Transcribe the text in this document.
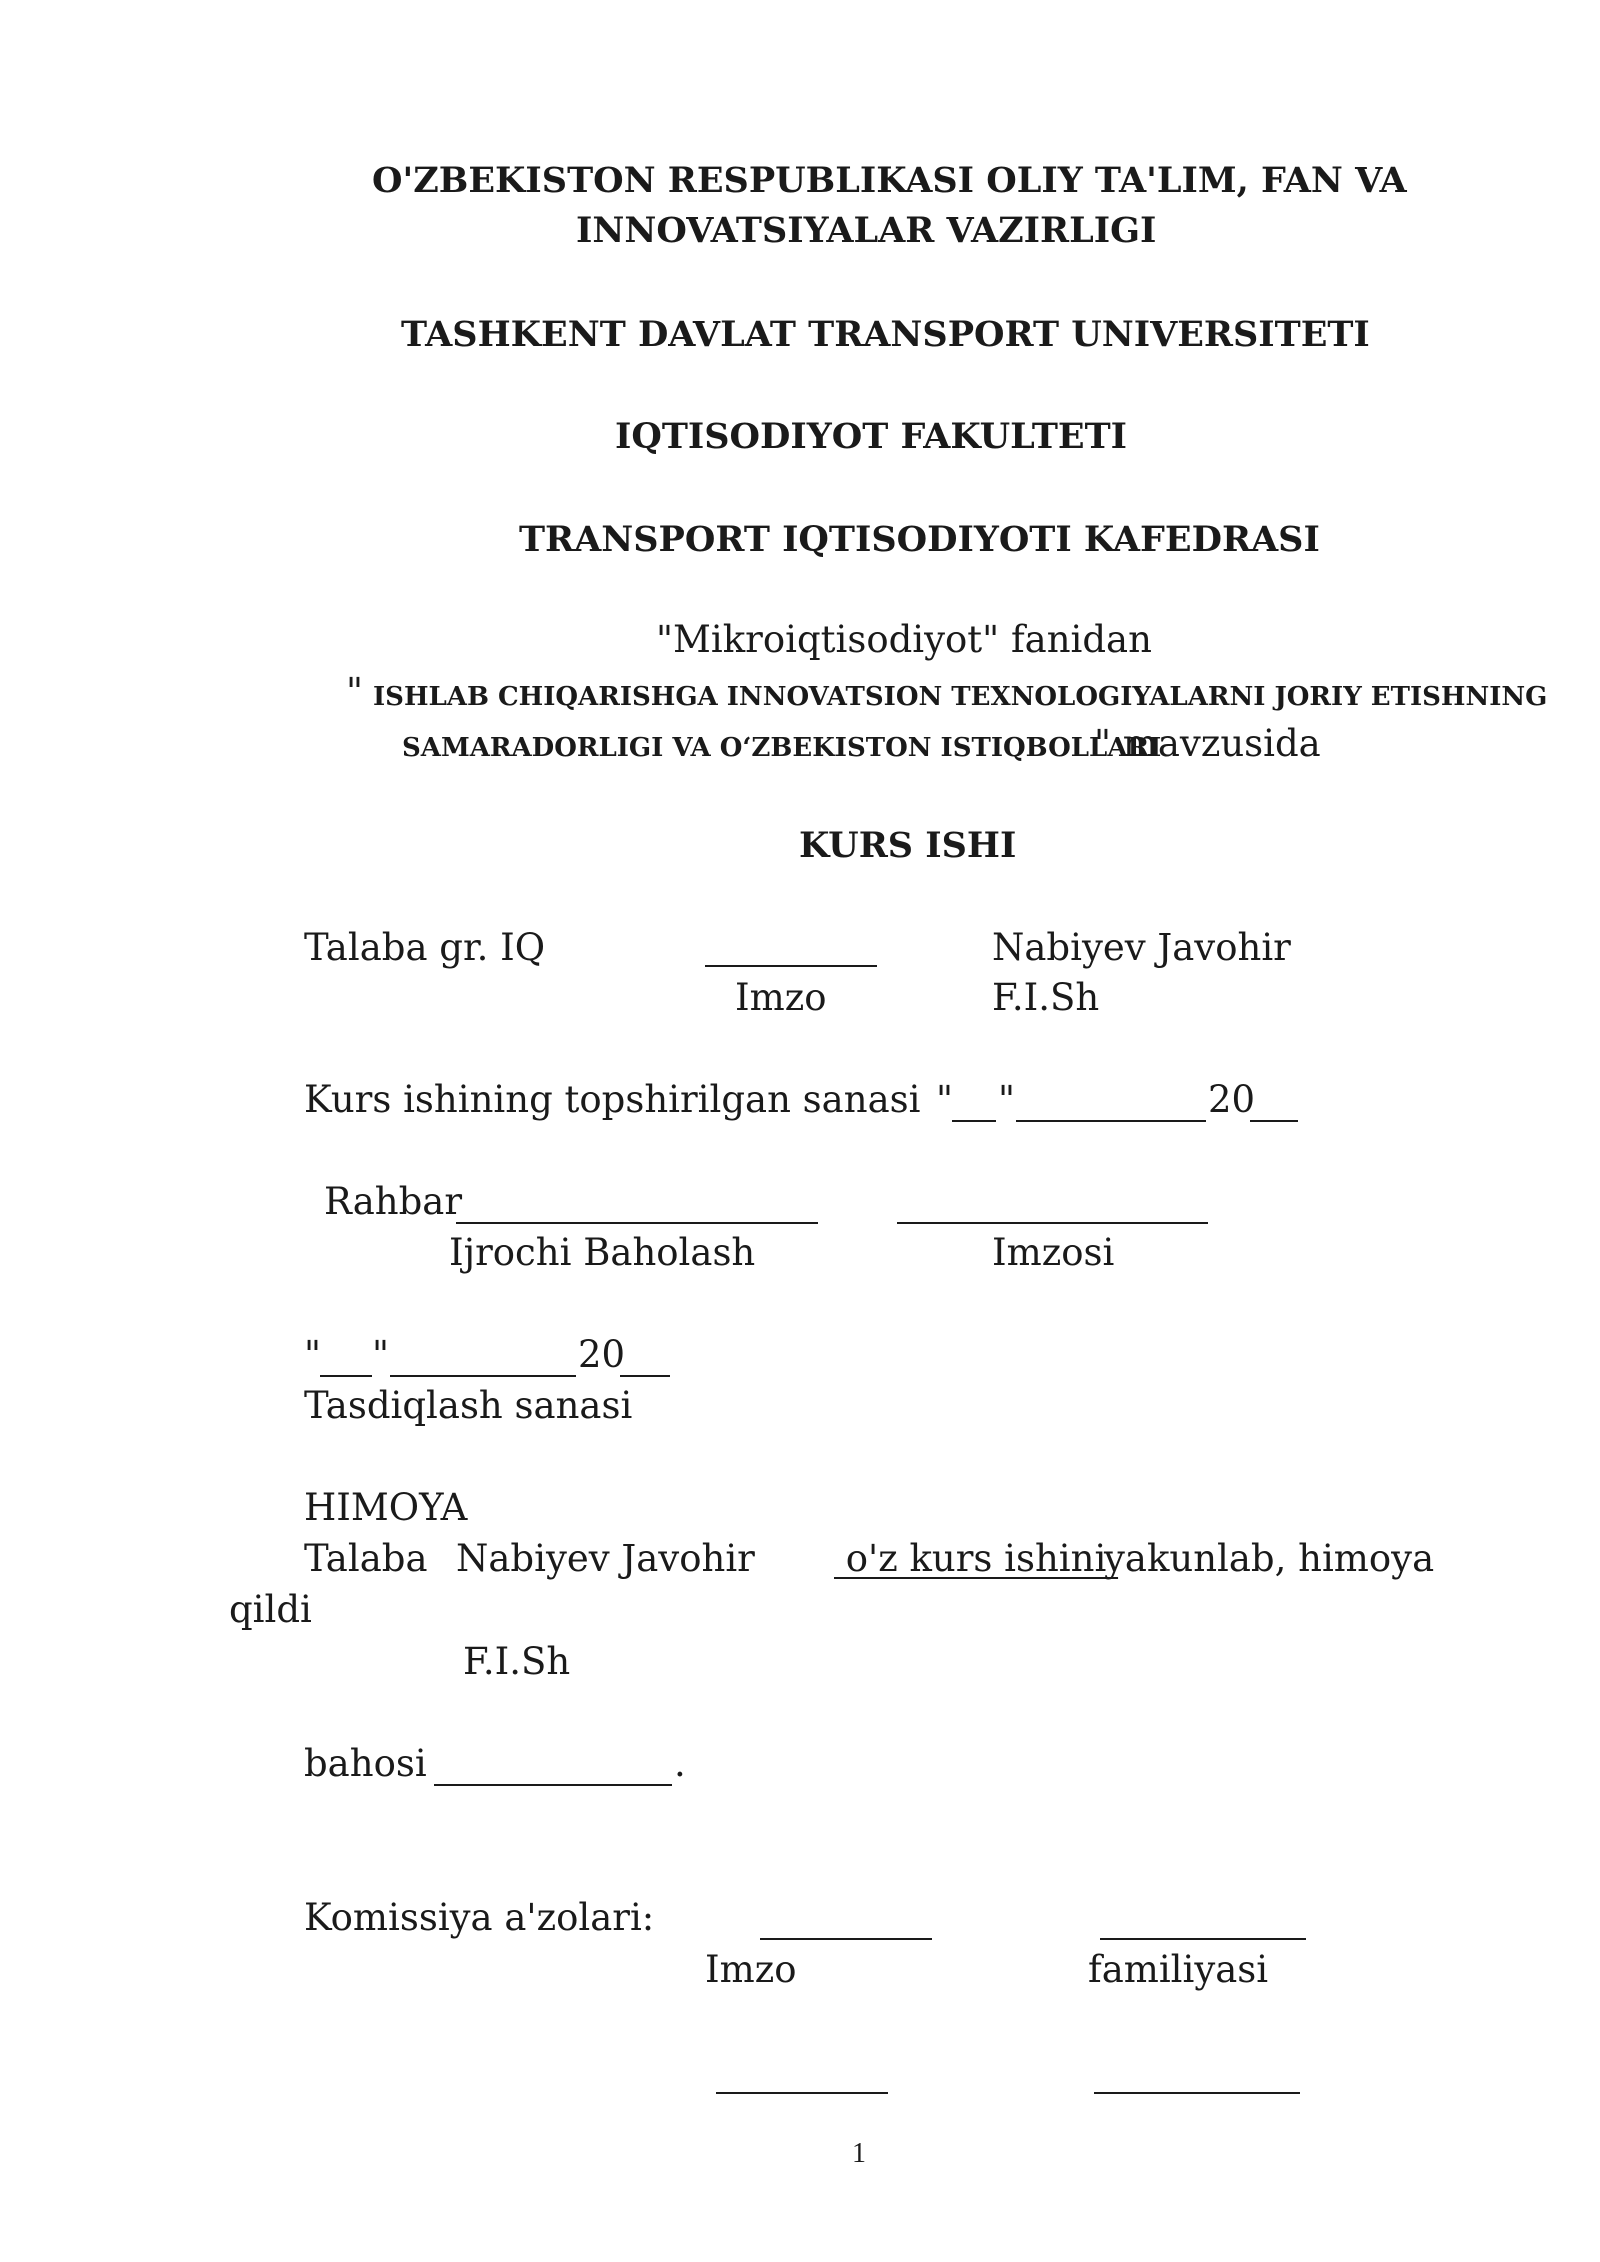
O'ZBEKISTON RESPUBLIKASI OLIY TA'LIM, FAN VA
INNOVATSIYALAR VAZIRLIGI
TASHKENT DAVLAT TRANSPORT UNIVERSITETI
IQTISODIYOT FAKULTETI
TRANSPORT IQTISODIYOTI KAFEDRASI
"Mikroiqtisodiyot" fanidan
" ISHLAB CHIQARISHGA INNOVATSION TEXNOLOGIYALARNI JORIY ETISHNING
SAMARADORLIGI VA O‘ZBEKISTON ISTIQBOLLARI
" mavzusida
KURS ISHI
Talaba gr. IQ	Nabiyev Javohir
Imzo	F.I.Sh
Kurs ishining topshirilgan sanasi " "	20
Rahbar
Ijrochi Baholash	Imzosi
" "	20
Tasdiqlash sanasi
HIMOYA
Talaba Nabiyev Javohir o'z kurs ishini
yakunlab, himoya
qildi
F.I.Sh
bahosi	.
Komissiya a'zolari:
Imzo	familiyasi
1
